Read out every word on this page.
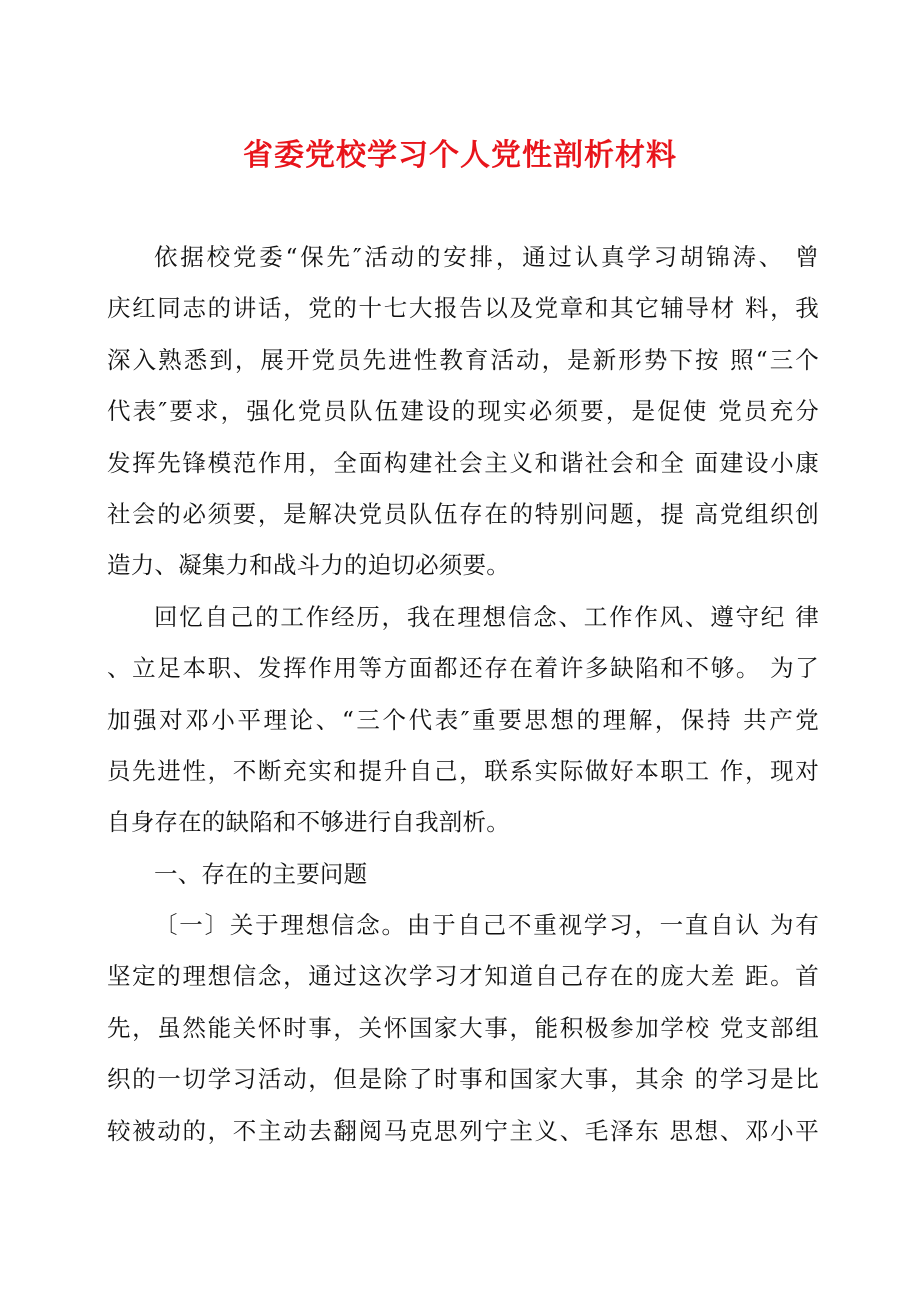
省委党校学习个人党性剖析材料
依据校党委“保先″活动的安排，通过认真学习胡锦涛、 曾
庆红同志的讲话，党的十七大报告以及党章和其它辅导材 料，我
深入熟悉到，展开党员先进性教育活动，是新形势下按 照“三个
代表″要求，强化党员队伍建设的现实必须要，是促使 党员充分
发挥先锋模范作用，全面构建社会主义和谐社会和全 面建设小康
社会的必须要，是解决党员队伍存在的特别问题，提 高党组织创
造力、凝集力和战斗力的迫切必须要。
回忆自己的工作经历，我在理想信念、工作作风、遵守纪 律
、立足本职、发挥作用等方面都还存在着许多缺陷和不够。 为了
加强对邓小平理论、“三个代表″重要思想的理解，保持 共产党
员先进性，不断充实和提升自己，联系实际做好本职工 作，现对
自身存在的缺陷和不够进行自我剖析。
一、存在的主要问题
〔一〕关于理想信念。由于自己不重视学习，一直自认 为有
坚定的理想信念，通过这次学习才知道自己存在的庞大差 距。首
先，虽然能关怀时事，关怀国家大事，能积极参加学校 党支部组
织的一切学习活动，但是除了时事和国家大事，其余 的学习是比
较被动的，不主动去翻阅马克思列宁主义、毛泽东 思想、邓小平
